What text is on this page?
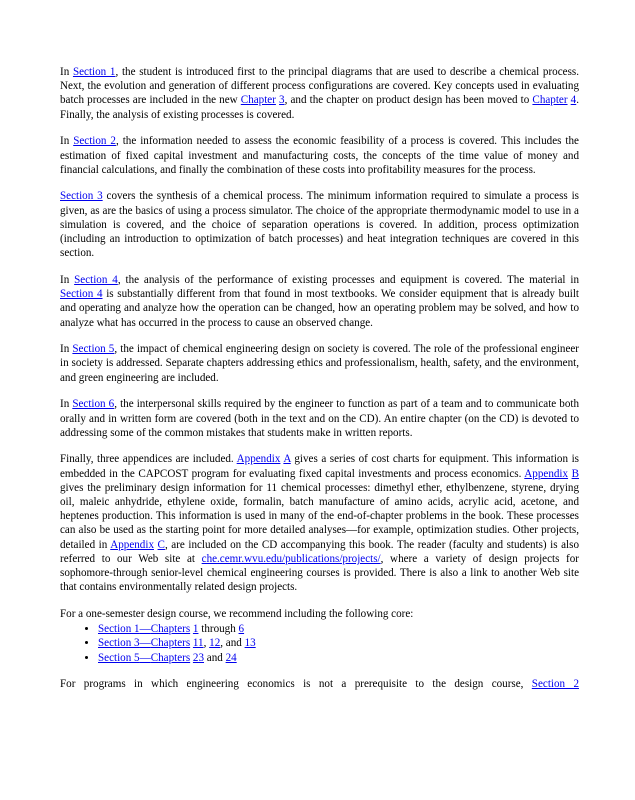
In Section 1, the student is introduced first to the principal diagrams that are used to describe a chemical process. Next, the evolution and generation of different process configurations are covered. Key concepts used in evaluating batch processes are included in the new Chapter 3, and the chapter on product design has been moved to Chapter 4. Finally, the analysis of existing processes is covered.

In Section 2, the information needed to assess the economic feasibility of a process is covered. This includes the estimation of fixed capital investment and manufacturing costs, the concepts of the time value of money and financial calculations, and finally the combination of these costs into profitability measures for the process.

Section 3 covers the synthesis of a chemical process. The minimum information required to simulate a process is given, as are the basics of using a process simulator. The choice of the appropriate thermodynamic model to use in a simulation is covered, and the choice of separation operations is covered. In addition, process optimization (including an introduction to optimization of batch processes) and heat integration techniques are covered in this section.

In Section 4, the analysis of the performance of existing processes and equipment is covered. The material in Section 4 is substantially different from that found in most textbooks. We consider equipment that is already built and operating and analyze how the operation can be changed, how an operating problem may be solved, and how to analyze what has occurred in the process to cause an observed change.

In Section 5, the impact of chemical engineering design on society is covered. The role of the professional engineer in society is addressed. Separate chapters addressing ethics and professionalism, health, safety, and the environment, and green engineering are included.

In Section 6, the interpersonal skills required by the engineer to function as part of a team and to communicate both orally and in written form are covered (both in the text and on the CD). An entire chapter (on the CD) is devoted to addressing some of the common mistakes that students make in written reports.

Finally, three appendices are included. Appendix A gives a series of cost charts for equipment. This information is embedded in the CAPCOST program for evaluating fixed capital investments and process economics. Appendix B gives the preliminary design information for 11 chemical processes: dimethyl ether, ethylbenzene, styrene, drying oil, maleic anhydride, ethylene oxide, formalin, batch manufacture of amino acids, acrylic acid, acetone, and heptenes production. This information is used in many of the end-of-chapter problems in the book. These processes can also be used as the starting point for more detailed analyses—for example, optimization studies. Other projects, detailed in Appendix C, are included on the CD accompanying this book. The reader (faculty and students) is also referred to our Web site at che.cemr.wvu.edu/publications/projects/, where a variety of design projects for sophomore-through senior-level chemical engineering courses is provided. There is also a link to another Web site that contains environmentally related design projects.

For a one-semester design course, we recommend including the following core:

• Section 1—Chapters 1 through 6
• Section 3—Chapters 11, 12, and 13
• Section 5—Chapters 23 and 24

For programs in which engineering economics is not a prerequisite to the design course, Section 2
